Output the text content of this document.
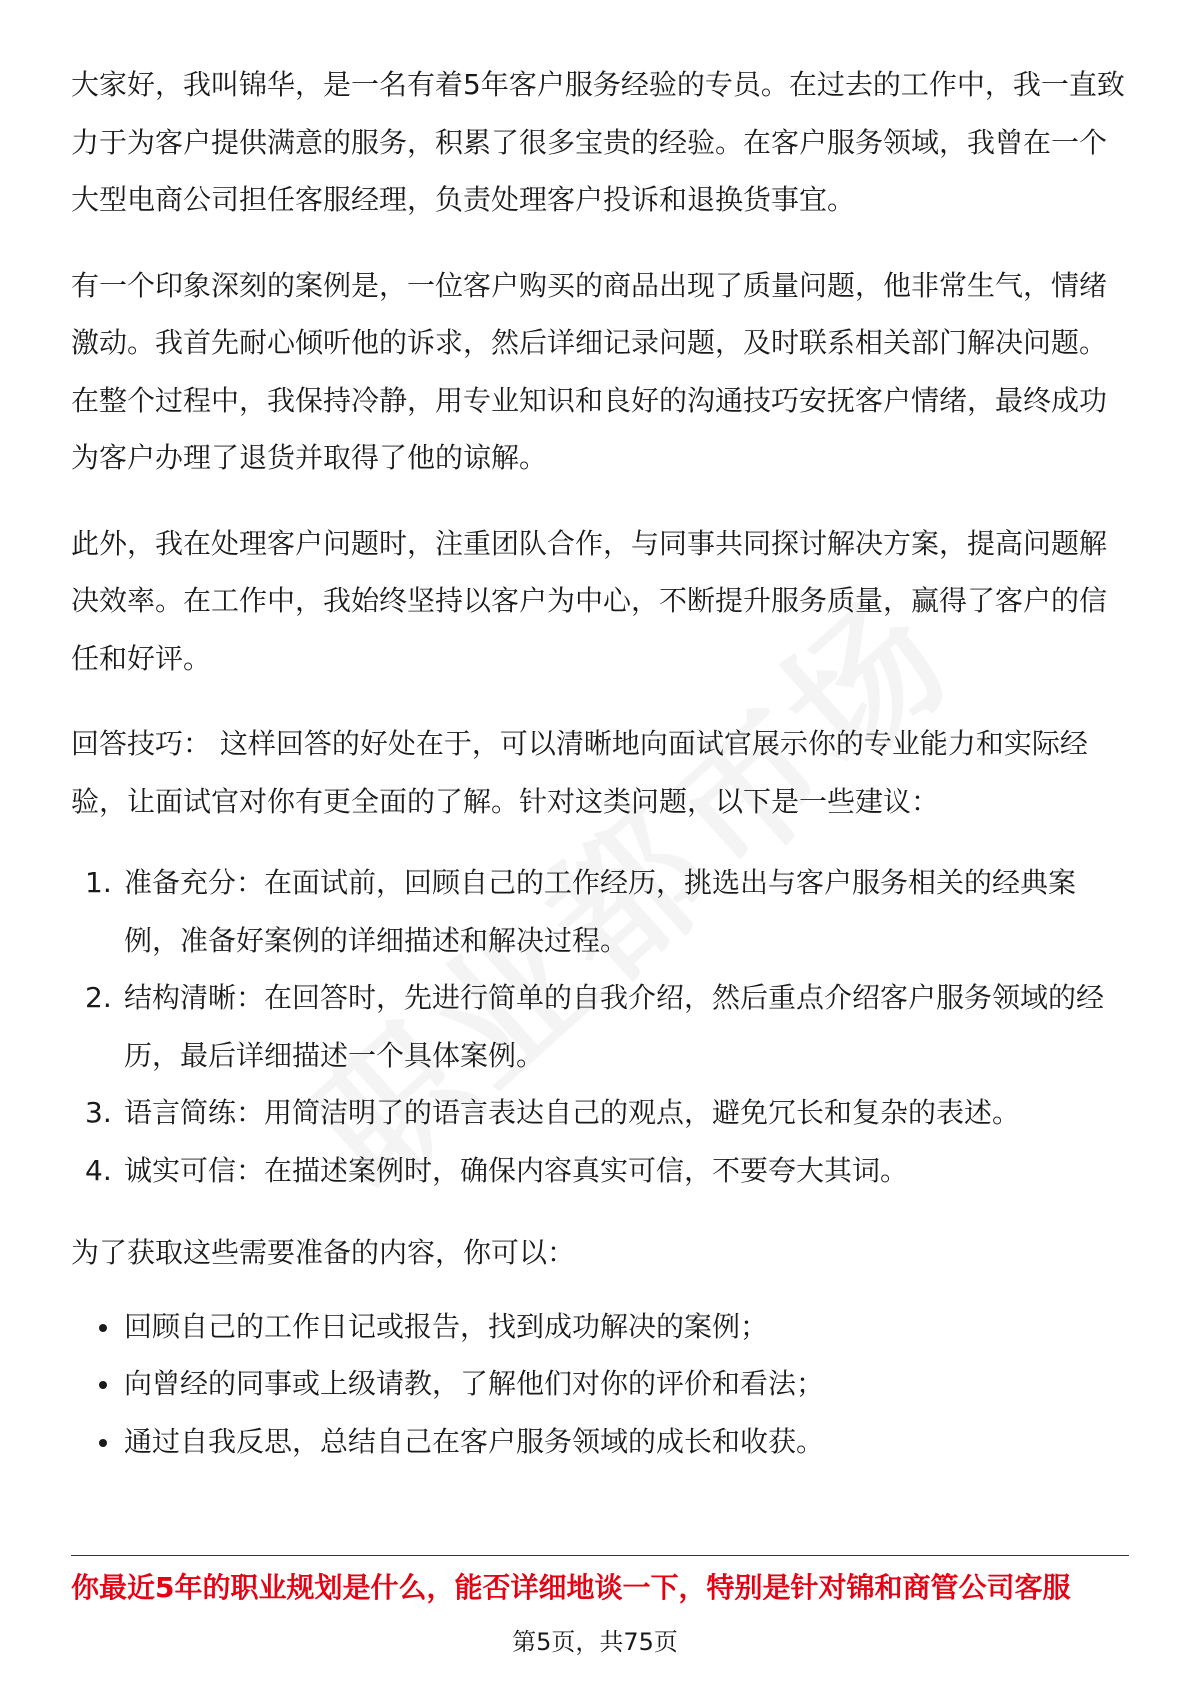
大家好，我叫锦华，是一名有着5年客户服务经验的专员。在过去的工作中，我一直致力于为客户提供满意的服务，积累了很多宝贵的经验。在客户服务领域，我曾在一个大型电商公司担任客服经理，负责处理客户投诉和退换货事宜。

有一个印象深刻的案例是，一位客户购买的商品出现了质量问题，他非常生气，情绪激动。我首先耐心倾听他的诉求，然后详细记录问题，及时联系相关部门解决问题。在整个过程中，我保持冷静，用专业知识和良好的沟通技巧安抚客户情绪，最终成功为客户办理了退货并取得了他的谅解。

此外，我在处理客户问题时，注重团队合作，与同事共同探讨解决方案，提高问题解决效率。在工作中，我始终坚持以客户为中心，不断提升服务质量，赢得了客户的信任和好评。

回答技巧： 这样回答的好处在于，可以清晰地向面试官展示你的专业能力和实际经验，让面试官对你有更全面的了解。针对这类问题，以下是一些建议：

1. 准备充分：在面试前，回顾自己的工作经历，挑选出与客户服务相关的经典案例，准备好案例的详细描述和解决过程。
2. 结构清晰：在回答时，先进行简单的自我介绍，然后重点介绍客户服务领域的经历，最后详细描述一个具体案例。
3. 语言简练：用简洁明了的语言表达自己的观点，避免冗长和复杂的表述。
4. 诚实可信：在描述案例时，确保内容真实可信，不要夸大其词。

为了获取这些需要准备的内容，你可以：

回顾自己的工作日记或报告，找到成功解决的案例；
向曾经的同事或上级请教，了解他们对你的评价和看法；
通过自我反思，总结自己在客户服务领域的成长和收获。
你最近5年的职业规划是什么，能否详细地谈一下，特别是针对锦和商管公司客服
第5页，共75页
